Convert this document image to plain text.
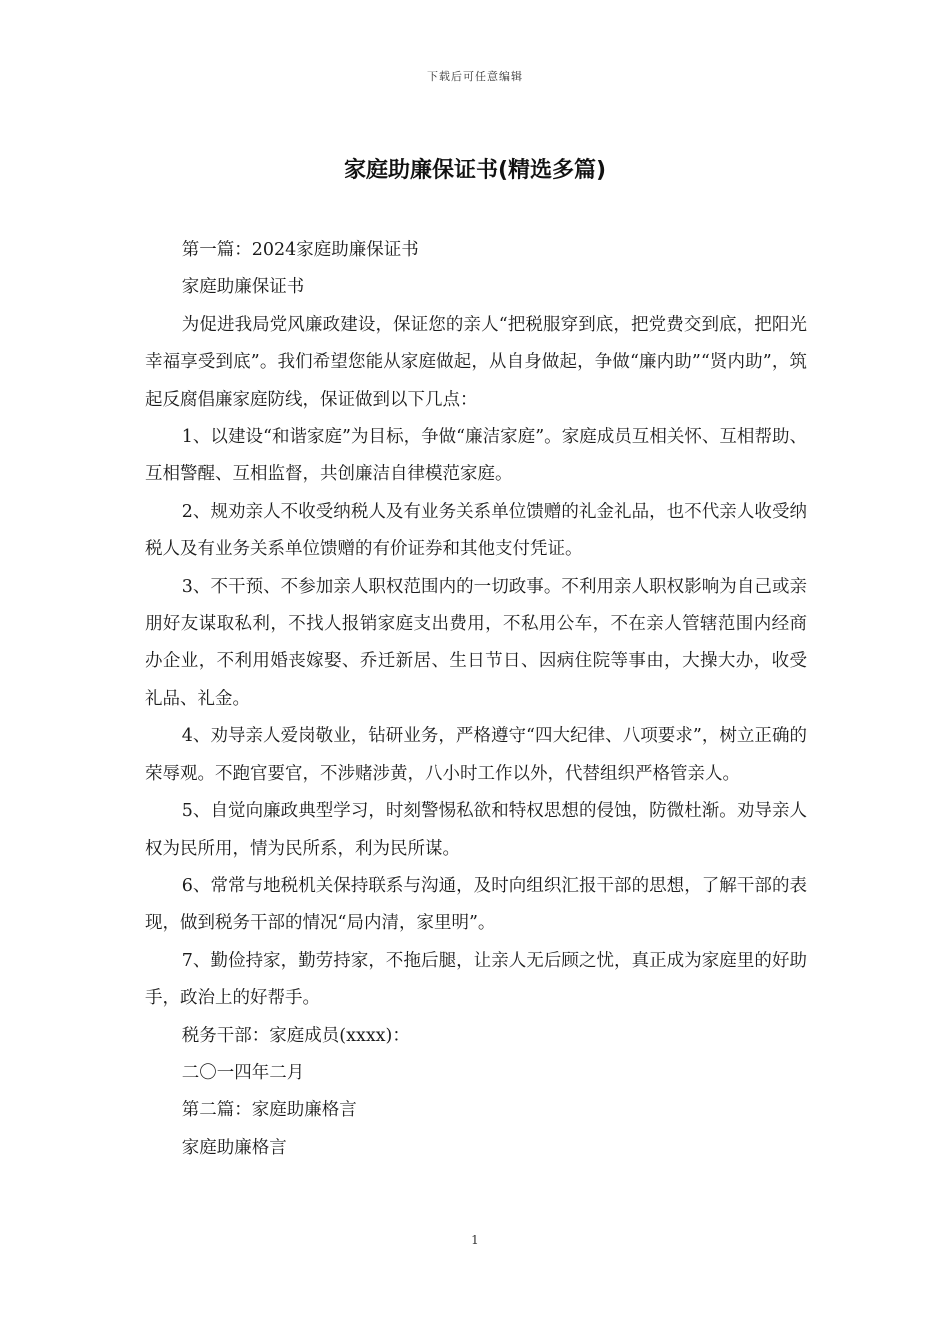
下载后可任意编辑
家庭助廉保证书(精选多篇)

第一篇：2024家庭助廉保证书

家庭助廉保证书

为促进我局党风廉政建设，保证您的亲人“把税服穿到底，把党费交到底，把阳光幸福享受到底”。我们希望您能从家庭做起，从自身做起，争做“廉内助”“贤内助”，筑起反腐倡廉家庭防线，保证做到以下几点：

1、以建设“和谐家庭”为目标，争做“廉洁家庭”。家庭成员互相关怀、互相帮助、互相警醒、互相监督，共创廉洁自律模范家庭。

2、规劝亲人不收受纳税人及有业务关系单位馈赠的礼金礼品，也不代亲人收受纳税人及有业务关系单位馈赠的有价证券和其他支付凭证。

3、不干预、不参加亲人职权范围内的一切政事。不利用亲人职权影响为自己或亲朋好友谋取私利，不找人报销家庭支出费用，不私用公车，不在亲人管辖范围内经商办企业，不利用婚丧嫁娶、乔迁新居、生日节日、因病住院等事由，大操大办，收受礼品、礼金。

4、劝导亲人爱岗敬业，钻研业务，严格遵守“四大纪律、八项要求”，树立正确的荣辱观。不跑官要官，不涉赌涉黄，八小时工作以外，代替组织严格管亲人。

5、自觉向廉政典型学习，时刻警惕私欲和特权思想的侵蚀，防微杜渐。劝导亲人权为民所用，情为民所系，利为民所谋。

6、常常与地税机关保持联系与沟通，及时向组织汇报干部的思想，了解干部的表现，做到税务干部的情况“局内清，家里明”。

7、勤俭持家，勤劳持家，不拖后腿，让亲人无后顾之忧，真正成为家庭里的好助手，政治上的好帮手。

税务干部：家庭成员(xxxx)：

二〇一四年二月

第二篇：家庭助廉格言

家庭助廉格言

1
